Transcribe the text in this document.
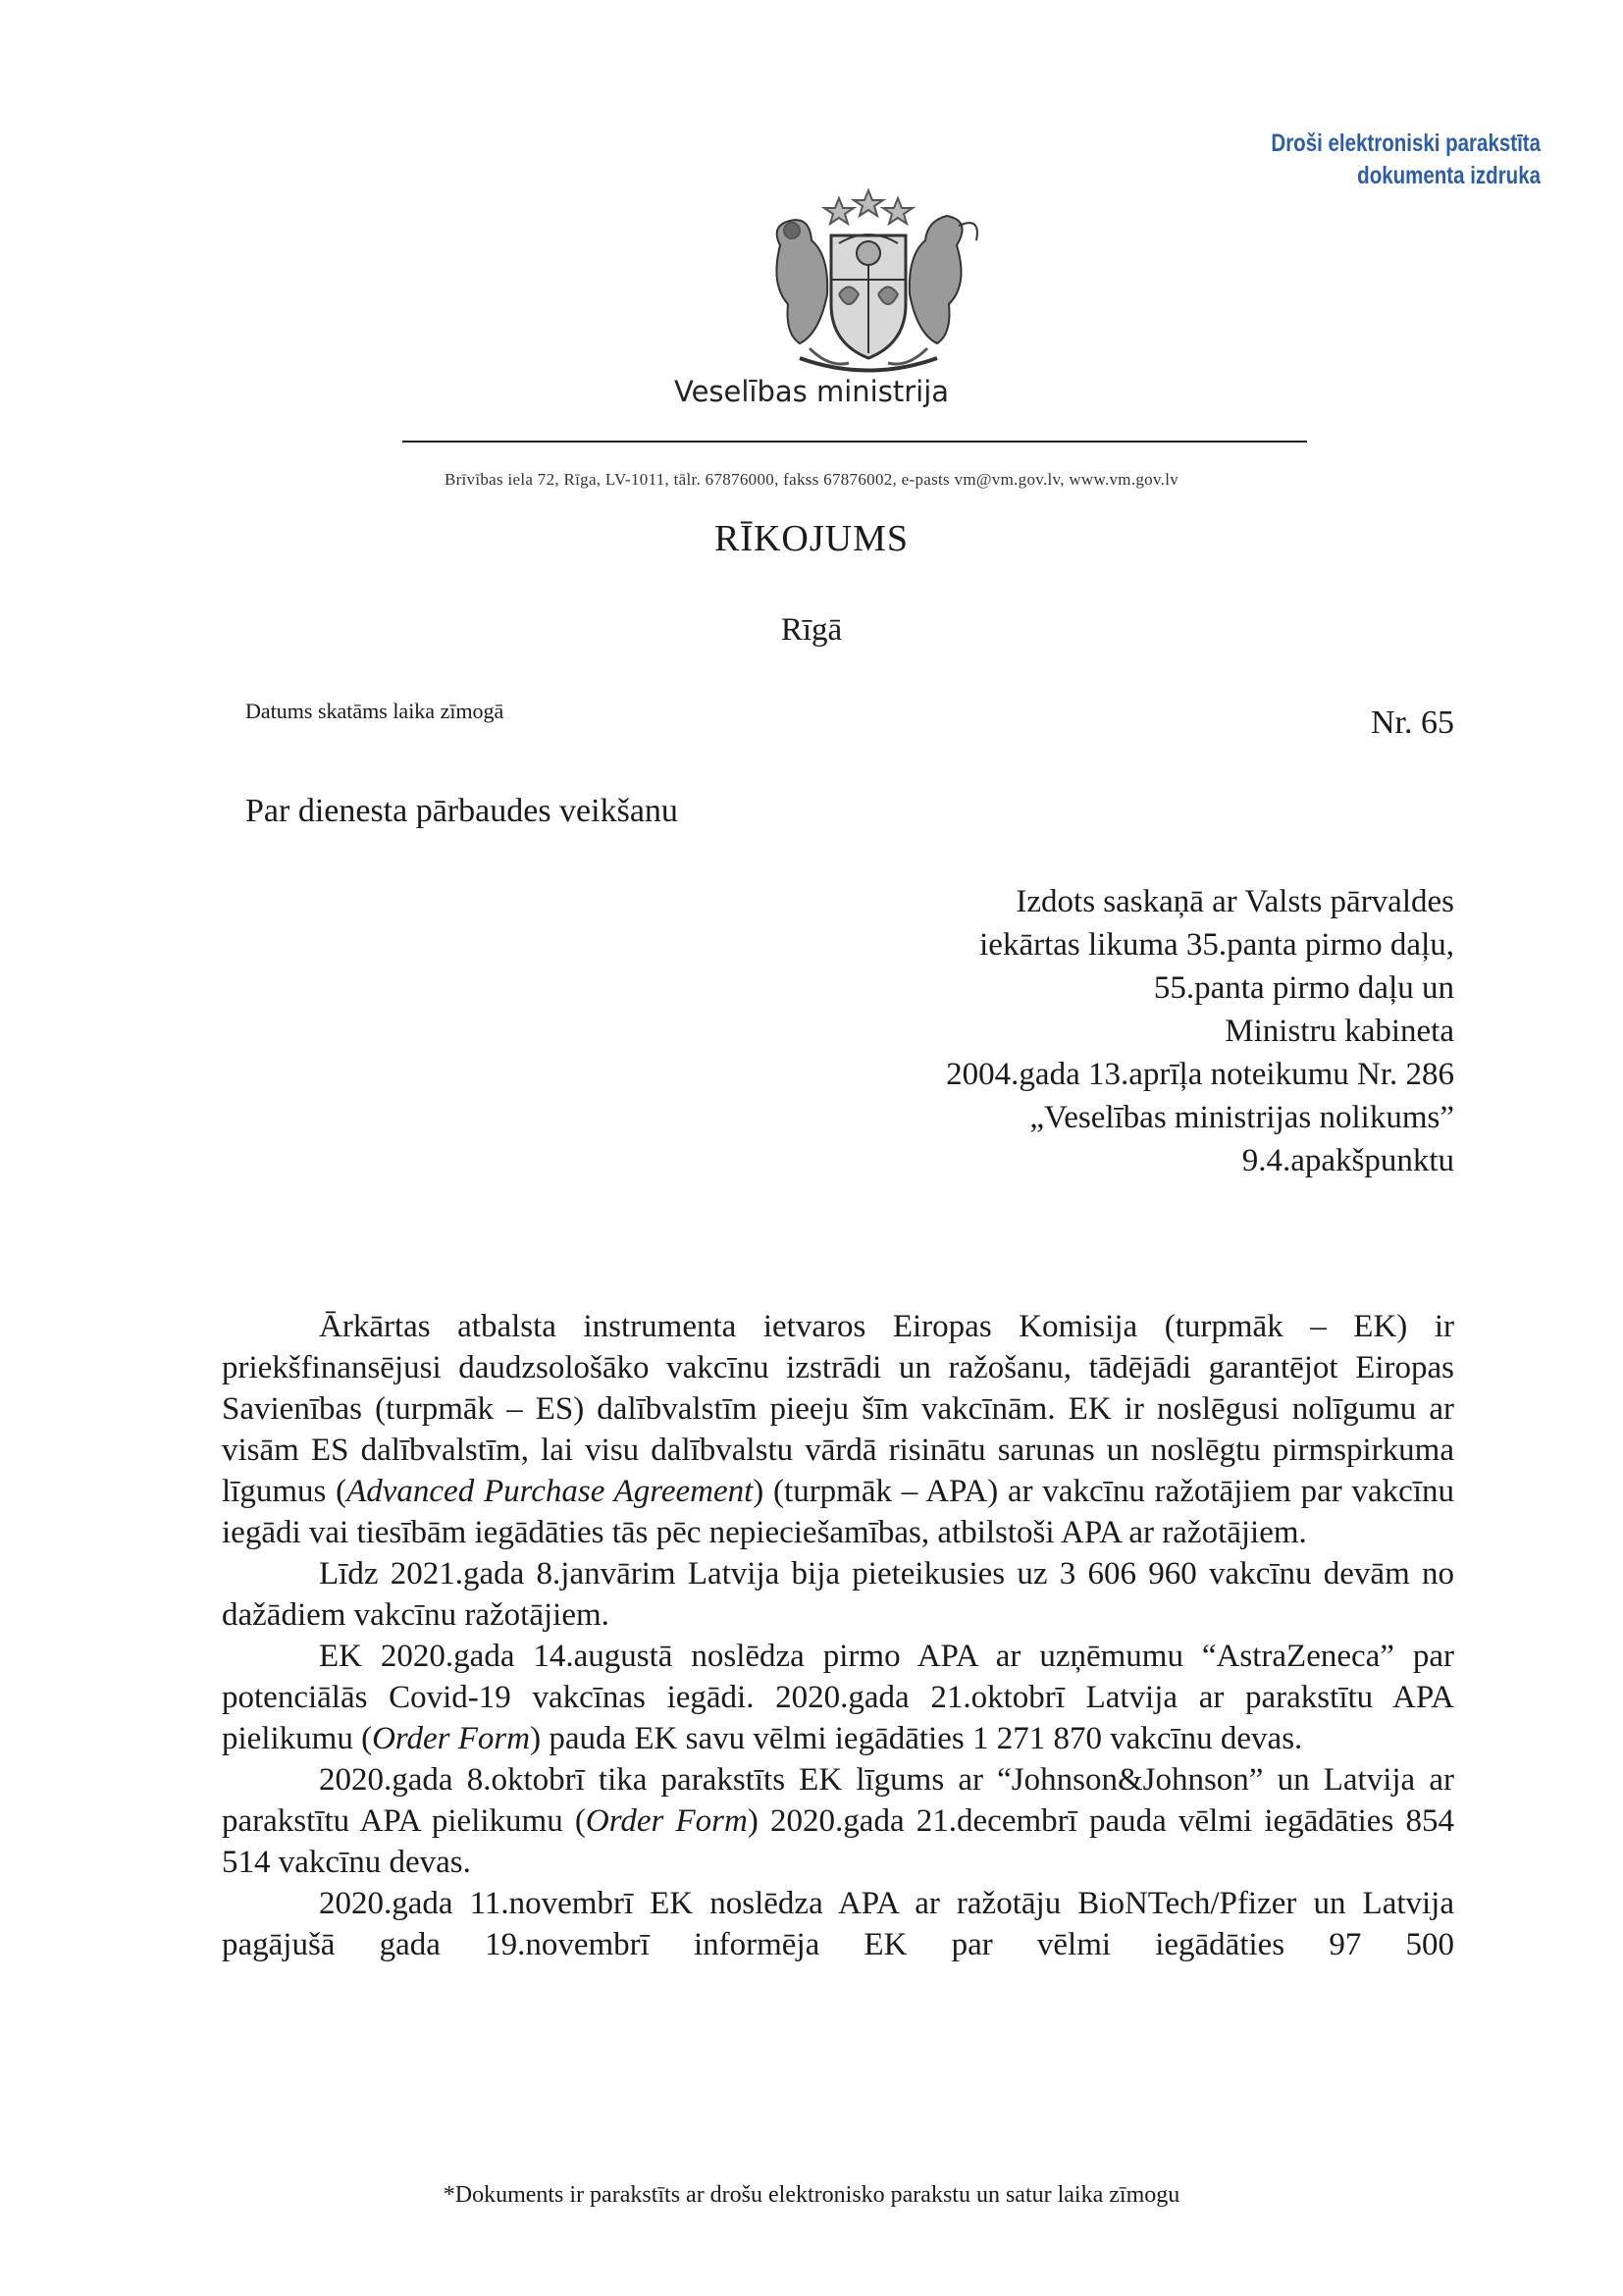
Droši elektroniski parakstīta
dokumenta izdruka
Veselības ministrija
Brīvības iela 72, Rīga, LV-1011, tālr. 67876000, fakss 67876002, e-pasts vm@vm.gov.lv, www.vm.gov.lv
RĪKOJUMS
Rīgā
Datums skatāms laika zīmogā	Nr. 65
Par dienesta pārbaudes veikšanu
Izdots saskaņā ar Valsts pārvaldes
iekārtas likuma 35.panta pirmo daļu,
55.panta pirmo daļu un
Ministru kabineta
2004.gada 13.aprīļa noteikumu Nr. 286
„Veselības ministrijas nolikums”
9.4.apakšpunktu

Ārkārtas atbalsta instrumenta ietvaros Eiropas Komisija (turpmāk – EK) ir priekšfinansējusi daudzsološāko vakcīnu izstrādi un ražošanu, tādējādi garantējot Eiropas Savienības (turpmāk – ES) dalībvalstīm pieeju šīm vakcīnām. EK ir noslēgusi nolīgumu ar visām ES dalībvalstīm, lai visu dalībvalstu vārdā risinātu sarunas un noslēgtu pirmspirkuma līgumus (Advanced Purchase Agreement) (turpmāk – APA) ar vakcīnu ražotājiem par vakcīnu iegādi vai tiesībām iegādāties tās pēc nepieciešamības, atbilstoši APA ar ražotājiem.

Līdz 2021.gada 8.janvārim Latvija bija pieteikusies uz 3 606 960 vakcīnu devām no dažādiem vakcīnu ražotājiem.

EK 2020.gada 14.augustā noslēdza pirmo APA ar uzņēmumu “AstraZeneca” par potenciālās Covid-19 vakcīnas iegādi. 2020.gada 21.oktobrī Latvija ar parakstītu APA pielikumu (Order Form) pauda EK savu vēlmi iegādāties 1 271 870 vakcīnu devas.

2020.gada 8.oktobrī tika parakstīts EK līgums ar “Johnson&Johnson” un Latvija ar parakstītu APA pielikumu (Order Form) 2020.gada 21.decembrī pauda vēlmi iegādāties 854 514 vakcīnu devas.

2020.gada 11.novembrī EK noslēdza APA ar ražotāju BioNTech/Pfizer un Latvija pagājušā gada 19.novembrī informēja EK par vēlmi iegādāties 97 500

*Dokuments ir parakstīts ar drošu elektronisko parakstu un satur laika zīmogu
